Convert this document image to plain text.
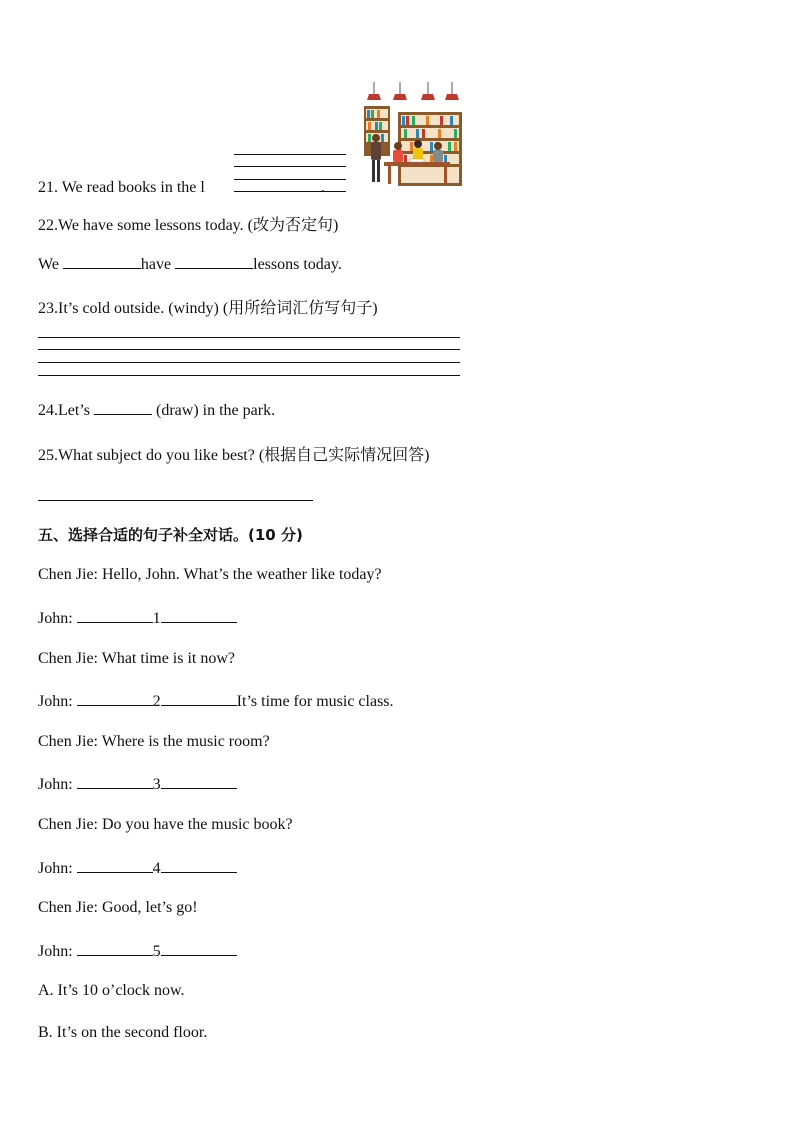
21. We read books in the l	.
22.We have some lessons today. (改为否定句)
We	have	lessons today.
23.It’s cold outside. (windy) (用所给词汇仿写句子)
24.Let’s	(draw) in the park.
25.What subject do you like best? (根据自己实际情况回答)
五、选择合适的句子补全对话。(10 分)
Chen Jie: Hello, John. What’s the weather like today?
John:	1
Chen Jie: What time is it now?
John:	2	It’s time for music class.
Chen Jie: Where is the music room?
John:	3
Chen Jie: Do you have the music book?
John:	4
Chen Jie: Good, let’s go!
John:	5
A. It’s 10 o’clock now.
B. It’s on the second floor.
